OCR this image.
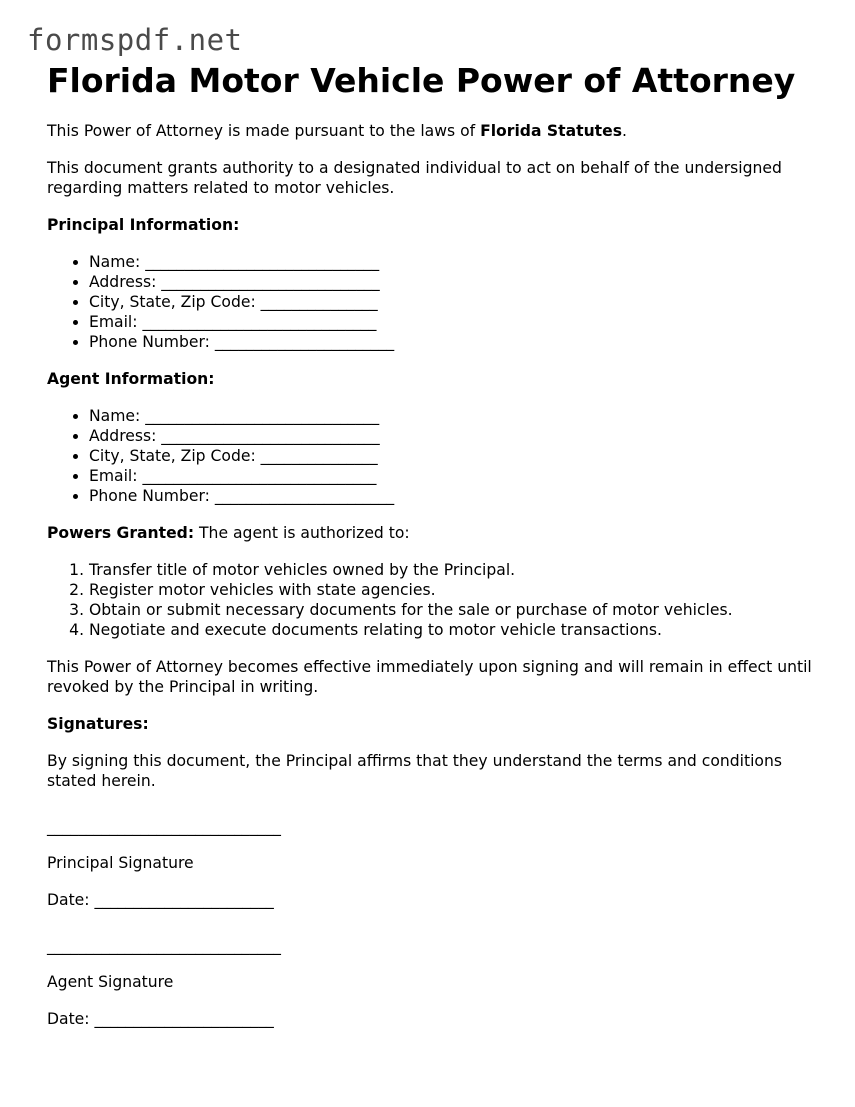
formspdf.net
Florida Motor Vehicle Power of Attorney

This Power of Attorney is made pursuant to the laws of Florida Statutes.

This document grants authority to a designated individual to act on behalf of the undersigned regarding matters related to motor vehicles.

Principal Information:

• Name: ______________________________
• Address: ____________________________
• City, State, Zip Code: _______________
• Email: ______________________________
• Phone Number: _______________________

Agent Information:

• Name: ______________________________
• Address: ____________________________
• City, State, Zip Code: _______________
• Email: ______________________________
• Phone Number: _______________________

Powers Granted: The agent is authorized to:

1. Transfer title of motor vehicles owned by the Principal.
2. Register motor vehicles with state agencies.
3. Obtain or submit necessary documents for the sale or purchase of motor vehicles.
4. Negotiate and execute documents relating to motor vehicle transactions.

This Power of Attorney becomes effective immediately upon signing and will remain in effect until revoked by the Principal in writing.

Signatures:

By signing this document, the Principal affirms that they understand the terms and conditions stated herein.

______________________________

Principal Signature

Date: _______________________

______________________________

Agent Signature

Date: _______________________
